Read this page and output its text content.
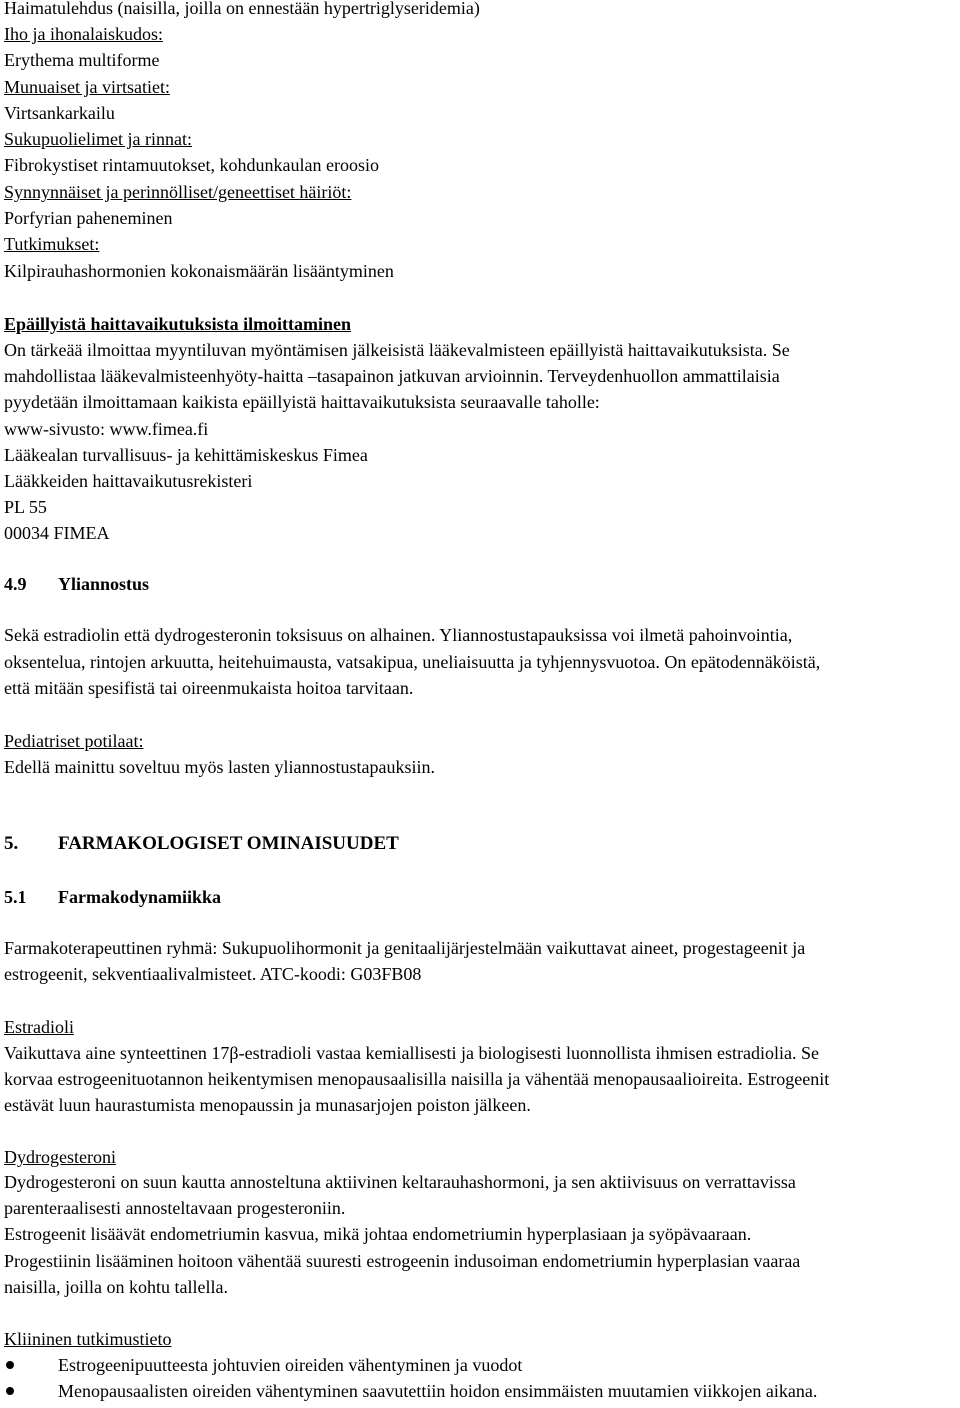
Haimatulehdus (naisilla, joilla on ennestään hypertriglyseridemia)
Iho ja ihonalaiskudos:
Erythema multiforme
Munuaiset ja virtsatiet:
Virtsankarkailu
Sukupuolielimet ja rinnat:
Fibrokystiset rintamuutokset, kohdunkaulan eroosio
Synnynnäiset ja perinnölliset/geneettiset häiriöt:
Porfyrian paheneminen
Tutkimukset:
Kilpirauhashormonien kokonaismäärän lisääntyminen
Epäillyistä haittavaikutuksista ilmoittaminen
On tärkeää ilmoittaa myyntiluvan myöntämisen jälkeisistä lääkevalmisteen epäillyistä haittavaikutuksista. Se
mahdollistaa lääkevalmisteenhyöty-haitta –tasapainon jatkuvan arvioinnin. Terveydenhuollon ammattilaisia
pyydetään ilmoittamaan kaikista epäillyistä haittavaikutuksista seuraavalle taholle:
www-sivusto: www.fimea.fi
Lääkealan turvallisuus- ja kehittämiskeskus Fimea
Lääkkeiden haittavaikutusrekisteri
PL 55
00034 FIMEA
4.9 Yliannostus
Sekä estradiolin että dydrogesteronin toksisuus on alhainen. Yliannostustapauksissa voi ilmetä pahoinvointia,
oksentelua, rintojen arkuutta, heitehuimausta, vatsakipua, uneliaisuutta ja tyhjennysvuotoa. On epätodennäköistä,
että mitään spesifistä tai oireenmukaista hoitoa tarvitaan.
Pediatriset potilaat:
Edellä mainittu soveltuu myös lasten yliannostustapauksiin.
5. FARMAKOLOGISET OMINAISUUDET
5.1 Farmakodynamiikka
Farmakoterapeuttinen ryhmä: Sukupuolihormonit ja genitaalijärjestelmään vaikuttavat aineet, progestageenit ja
estrogeenit, sekventiaalivalmisteet. ATC-koodi: G03FB08
Estradioli
Vaikuttava aine synteettinen 17β-estradioli vastaa kemiallisesti ja biologisesti luonnollista ihmisen estradiolia. Se
korvaa estrogeenituotannon heikentymisen menopausaalisilla naisilla ja vähentää menopausaalioireita. Estrogeenit
estävät luun haurastumista menopaussin ja munasarjojen poiston jälkeen.
Dydrogesteroni
Dydrogesteroni on suun kautta annosteltuna aktiivinen keltarauhashormoni, ja sen aktiivisuus on verrattavissa
parenteraalisesti annosteltavaan progesteroniin.
Estrogeenit lisäävät endometriumin kasvua, mikä johtaa endometriumin hyperplasiaan ja syöpävaaraan.
Progestiinin lisääminen hoitoon vähentää suuresti estrogeenin indusoiman endometriumin hyperplasian vaaraa
naisilla, joilla on kohtu tallella.
Kliininen tutkimustieto
Estrogeenipuutteesta johtuvien oireiden vähentyminen ja vuodot
Menopausaalisten oireiden vähentyminen saavutettiin hoidon ensimmäisten muutamien viikkojen aikana.
